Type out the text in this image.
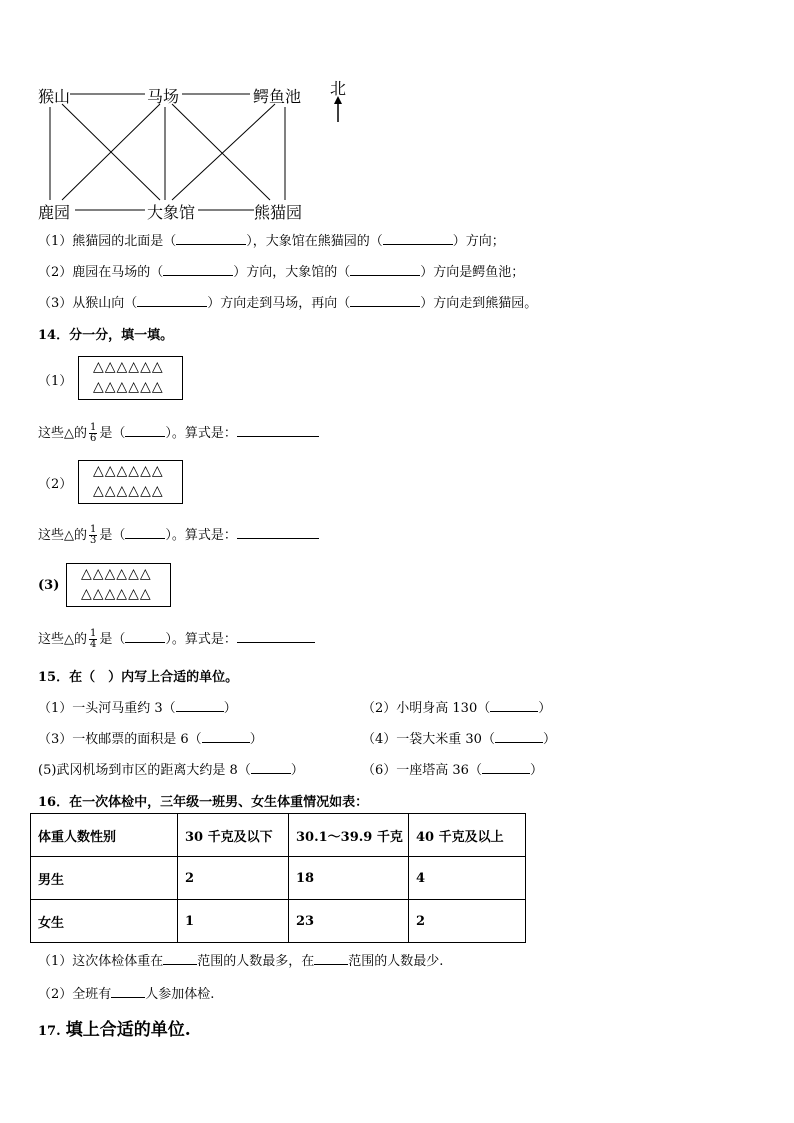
猴山	马场	鳄鱼池
鹿园	大象馆	熊猫园
北
（1）熊猫园的北面是（	），大象馆在熊猫园的（	）方向；
（2）鹿园在马场的（	）方向，大象馆的（	）方向是鳄鱼池；
（3）从猴山向（	）方向走到马场，再向（	）方向走到熊猫园。
14．分一分，填一填。
（1）
△△△△△△
△△△△△△
这些△的 $\frac{1}{6}$ 是（	）。算式是：
（2）
△△△△△△
△△△△△△
这些△的 $\frac{1}{3}$ 是（	）。算式是：
(3)
△△△△△△
△△△△△△
这些△的 $\frac{1}{4}$ 是（	）。算式是：
15．在（　）内写上合适的单位。
（1）一头河马重约 3（	）	（2）小明身高 130（	）
（3）一枚邮票的面积是 6（	）	（4）一袋大米重 30（	）
(5)武冈机场到市区的距离大约是 8（	）	（6）一座塔高 36（	）
16．在一次体检中，三年级一班男、女生体重情况如表：
体重人数性别	30 千克及以下	30.1～39.9 千克	40 千克及以上
男生	2	18	4
女生	1	23	2
（1）这次体检体重在	范围的人数最多，在	范围的人数最少.
（2）全班有	人参加体检.
17. 填上合适的单位.
